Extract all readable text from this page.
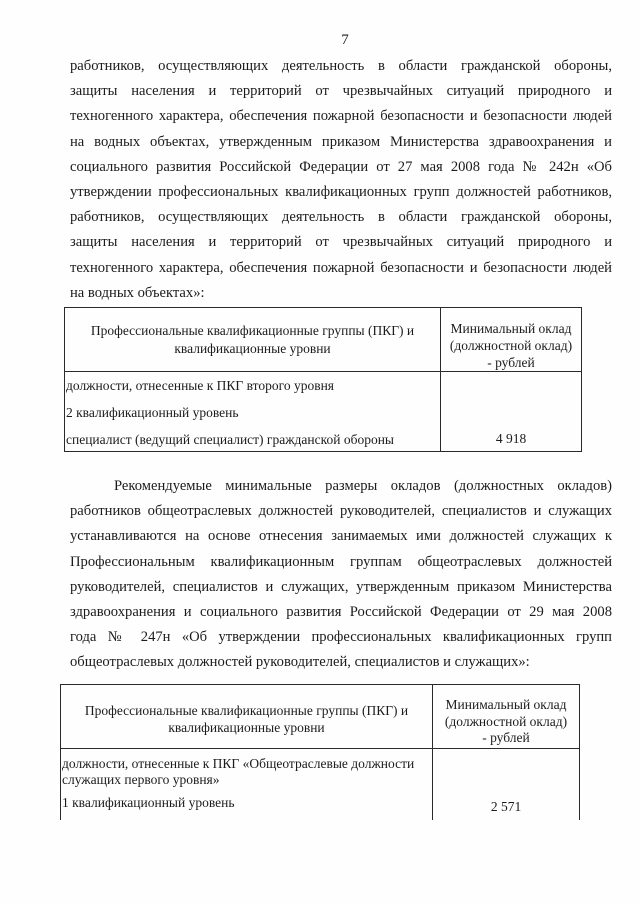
7
работников, осуществляющих деятельность в области гражданской обороны,
защиты населения и территорий от чрезвычайных ситуаций природного и
техногенного характера, обеспечения пожарной безопасности и безопасности людей
на водных объектах, утвержденным приказом Министерства здравоохранения и
социального развития Российской Федерации от 27 мая 2008 года № 242н «Об
утверждении профессиональных квалификационных групп должностей работников,
работников, осуществляющих деятельность в области гражданской обороны,
защиты населения и территорий от чрезвычайных ситуаций природного и
техногенного характера, обеспечения пожарной безопасности и безопасности людей
на водных объектах»:
Профессиональные квалификационные группы (ПКГ) и
квалификационные уровни
Минимальный оклад
(должностной оклад)
- рублей
должности, отнесенные к ПКГ второго уровня
2 квалификационный уровень
специалист (ведущий специалист) гражданской обороны	4 918
Рекомендуемые минимальные размеры окладов (должностных окладов)
работников общеотраслевых должностей руководителей, специалистов и служащих
устанавливаются на основе отнесения занимаемых ими должностей служащих к
Профессиональным квалификационным группам общеотраслевых должностей
руководителей, специалистов и служащих, утвержденным приказом Министерства
здравоохранения и социального развития Российской Федерации от 29 мая 2008
года № 247н «Об утверждении профессиональных квалификационных групп
общеотраслевых должностей руководителей, специалистов и служащих»:
Профессиональные квалификационные группы (ПКГ) и
квалификационные уровни
Минимальный оклад
(должностной оклад)
- рублей
должности, отнесенные к ПКГ «Общеотраслевые должности
служащих первого уровня»
1 квалификационный уровень	2 571
